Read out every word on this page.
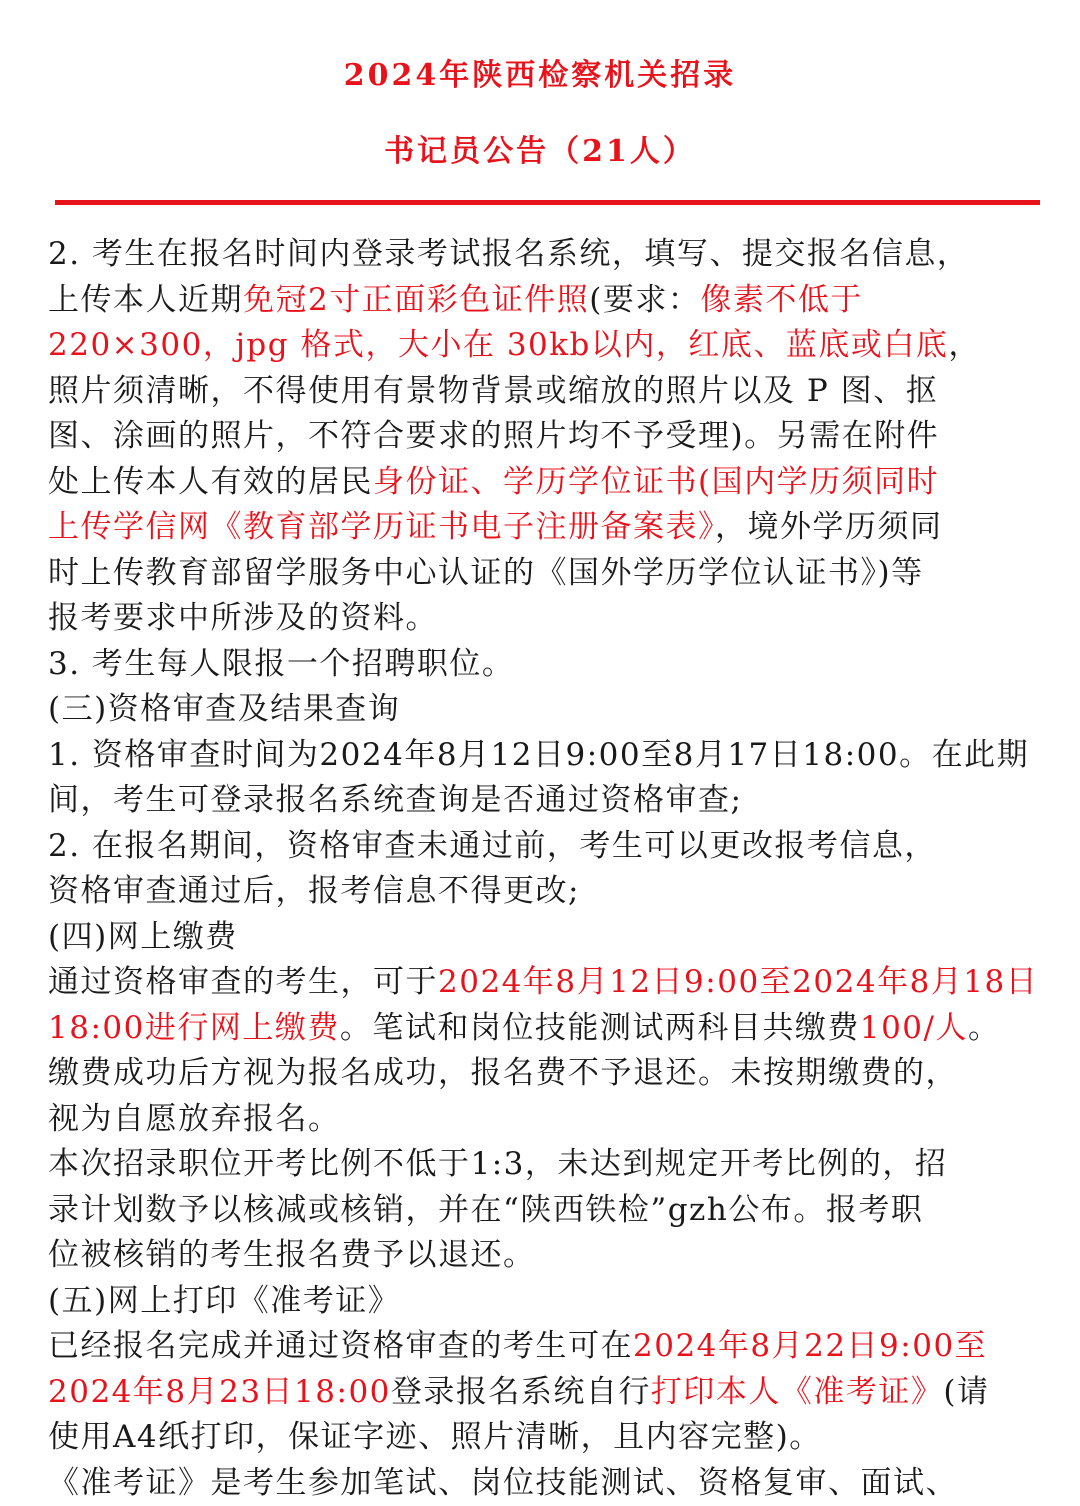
2024年陕西检察机关招录
书记员公告（21人）
2. 考生在报名时间内登录考试报名系统，填写、提交报名信息，
上传本人近期免冠2寸正面彩色证件照(要求：像素不低于
220×300，jpg 格式，大小在 30kb以内，红底、蓝底或白底，
照片须清晰，不得使用有景物背景或缩放的照片以及 P 图、抠
图、涂画的照片，不符合要求的照片均不予受理)。另需在附件
处上传本人有效的居民身份证、学历学位证书(国内学历须同时
上传学信网《教育部学历证书电子注册备案表》，境外学历须同
时上传教育部留学服务中心认证的《国外学历学位认证书》)等
报考要求中所涉及的资料。
3. 考生每人限报一个招聘职位。
(三)资格审查及结果查询
1. 资格审查时间为2024年8月12日9:00至8月17日18:00。在此期
间，考生可登录报名系统查询是否通过资格审查;
2. 在报名期间，资格审查未通过前，考生可以更改报考信息，
资格审查通过后，报考信息不得更改;
(四)网上缴费
通过资格审查的考生，可于2024年8月12日9:00至2024年8月18日
18:00进行网上缴费。笔试和岗位技能测试两科目共缴费100/人。
缴费成功后方视为报名成功，报名费不予退还。未按期缴费的，
视为自愿放弃报名。
本次招录职位开考比例不低于1:3，未达到规定开考比例的，招
录计划数予以核减或核销，并在“陕西铁检”gzh公布。报考职
位被核销的考生报名费予以退还。
(五)网上打印《准考证》
已经报名完成并通过资格审查的考生可在2024年8月22日9:00至
2024年8月23日18:00登录报名系统自行打印本人《准考证》(请
使用A4纸打印，保证字迹、照片清晰，且内容完整)。
《准考证》是考生参加笔试、岗位技能测试、资格复审、面试、
